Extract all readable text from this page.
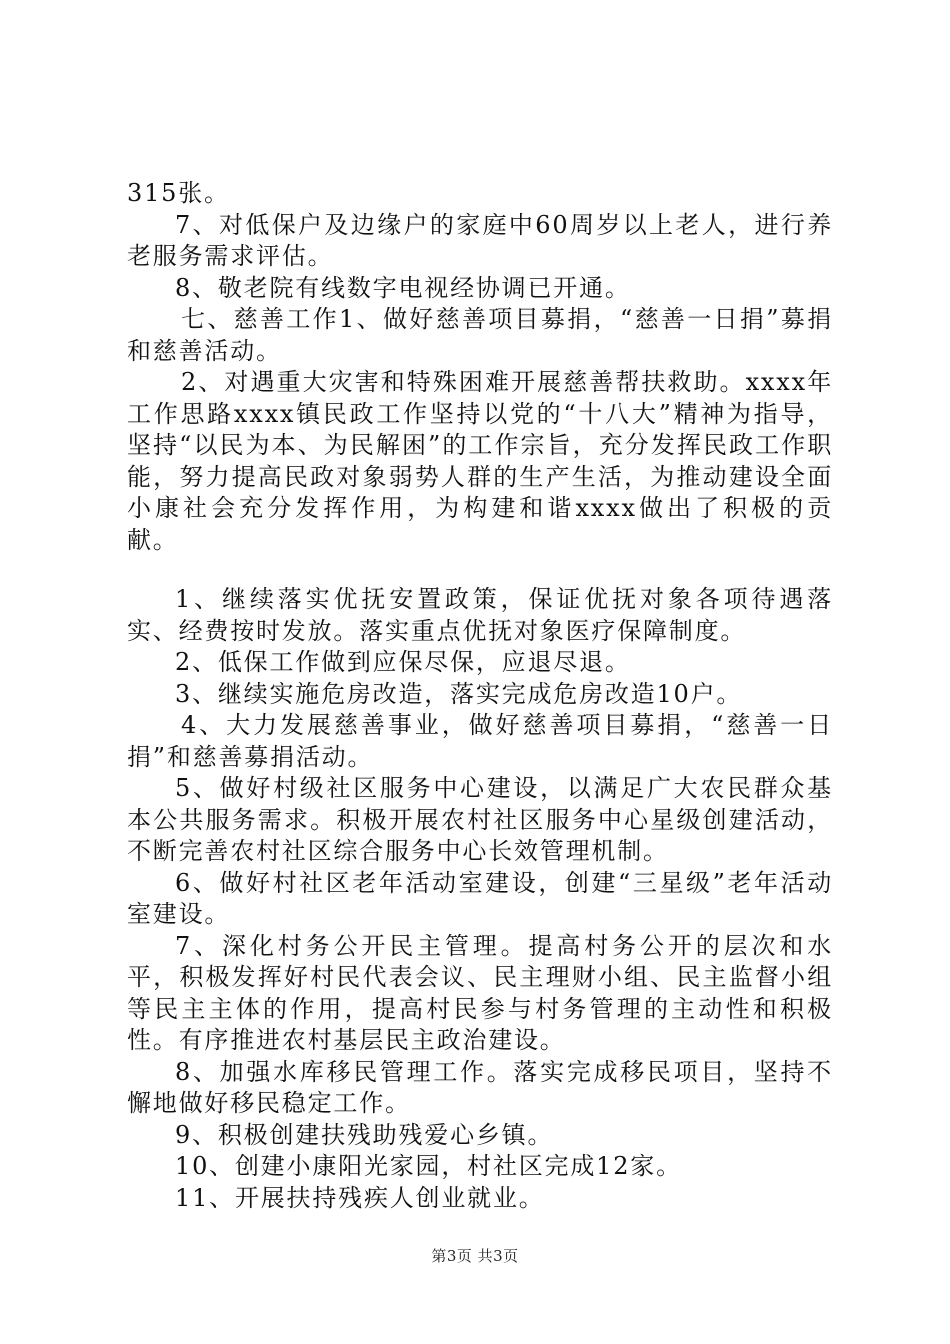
315张。

7、对低保户及边缘户的家庭中60周岁以上老人，进行养老服务需求评估。

8、敬老院有线数字电视经协调已开通。

七、慈善工作1、做好慈善项目募捐，“慈善一日捐”募捐和慈善活动。

2、对遇重大灾害和特殊困难开展慈善帮扶救助。xxxx年工作思路xxxx镇民政工作坚持以党的“十八大”精神为指导，坚持“以民为本、为民解困”的工作宗旨，充分发挥民政工作职能，努力提高民政对象弱势人群的生产生活，为推动建设全面小康社会充分发挥作用，为构建和谐xxxx做出了积极的贡献。

1、继续落实优抚安置政策，保证优抚对象各项待遇落实、经费按时发放。落实重点优抚对象医疗保障制度。

2、低保工作做到应保尽保，应退尽退。

3、继续实施危房改造，落实完成危房改造10户。

4、大力发展慈善事业，做好慈善项目募捐，“慈善一日捐”和慈善募捐活动。

5、做好村级社区服务中心建设，以满足广大农民群众基本公共服务需求。积极开展农村社区服务中心星级创建活动，不断完善农村社区综合服务中心长效管理机制。

6、做好村社区老年活动室建设，创建“三星级”老年活动室建设。

7、深化村务公开民主管理。提高村务公开的层次和水平，积极发挥好村民代表会议、民主理财小组、民主监督小组等民主主体的作用，提高村民参与村务管理的主动性和积极性。有序推进农村基层民主政治建设。

8、加强水库移民管理工作。落实完成移民项目，坚持不懈地做好移民稳定工作。

9、积极创建扶残助残爱心乡镇。

10、创建小康阳光家园，村社区完成12家。

11、开展扶持残疾人创业就业。

第3页 共3页
